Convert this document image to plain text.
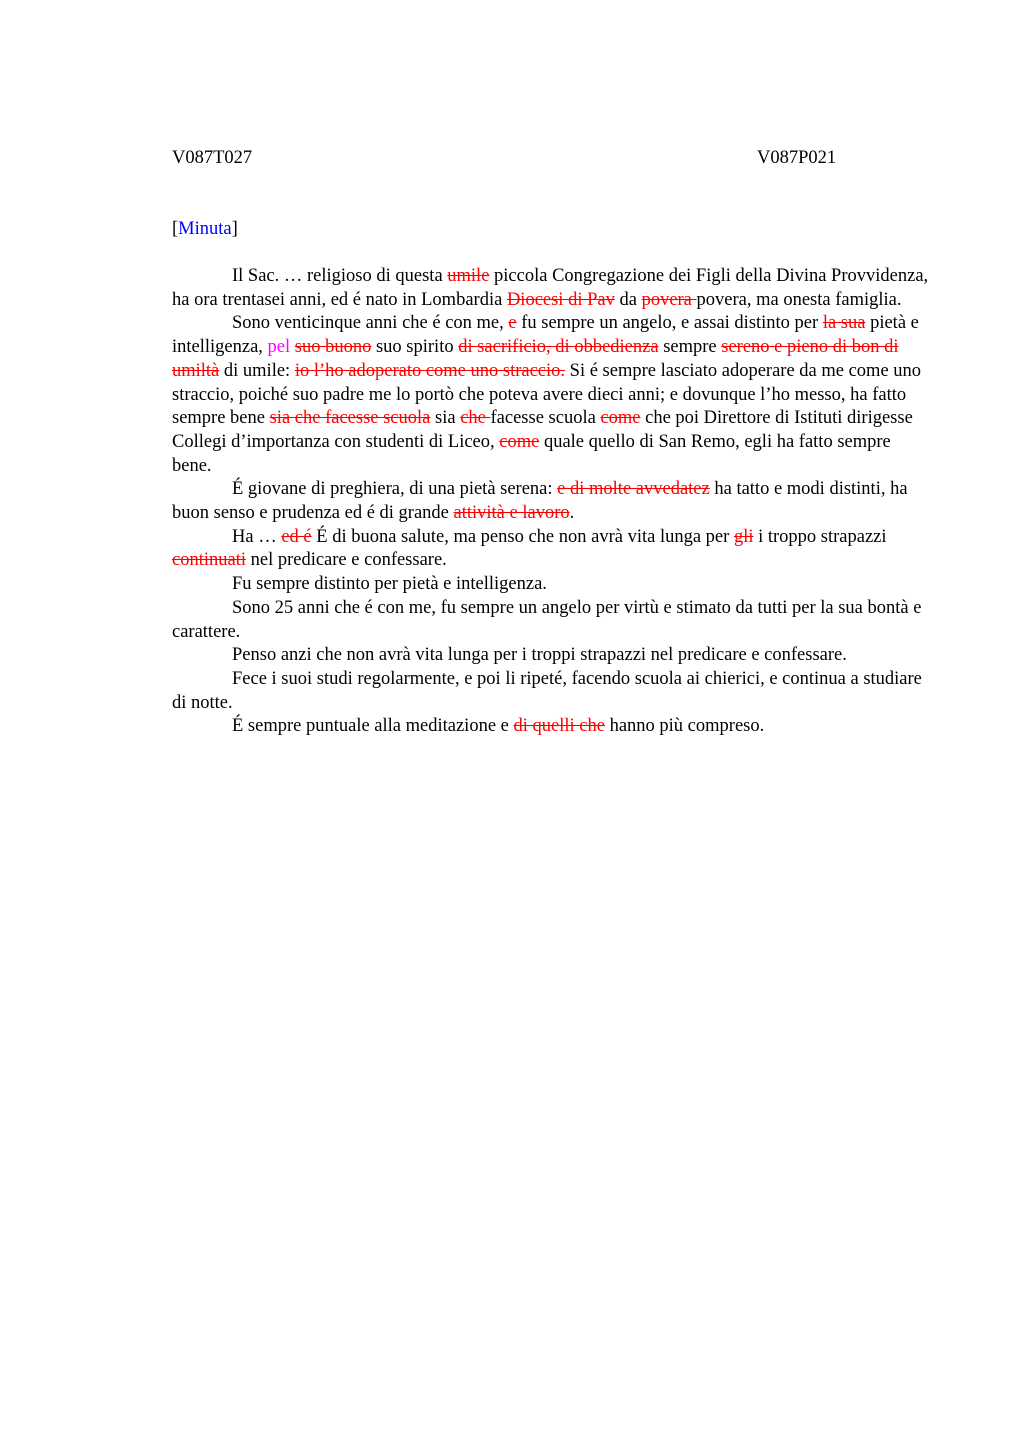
V087T027	V087P021
[Minuta]

Il Sac. … religioso di questa umile piccola Congregazione dei Figli della Divina Provvidenza, ha ora trentasei anni, ed é nato in Lombardia Diocesi di Pav da povera povera, ma onesta famiglia.

Sono venticinque anni che é con me, e fu sempre un angelo, e assai distinto per la sua pietà e intelligenza, pel suo buono suo spirito di sacrificio, di obbedienza sempre sereno e pieno di bon di umiltà di umile: io l’ho adoperato come uno straccio. Si é sempre lasciato adoperare da me come uno straccio, poiché suo padre me lo portò che poteva avere dieci anni; e dovunque l’ho messo, ha fatto sempre bene sia che facesse scuola sia che facesse scuola come che poi Direttore di Istituti dirigesse Collegi d’importanza con studenti di Liceo, come quale quello di San Remo, egli ha fatto sempre bene.

É giovane di preghiera, di una pietà serena: e di molte avvedatez ha tatto e modi distinti, ha buon senso e prudenza ed é di grande attività e lavoro.

Ha … ed é É di buona salute, ma penso che non avrà vita lunga per gli i troppo strapazzi continuati nel predicare e confessare.

Fu sempre distinto per pietà e intelligenza.

Sono 25 anni che é con me, fu sempre un angelo per virtù e stimato da tutti per la sua bontà e carattere.

Penso anzi che non avrà vita lunga per i troppi strapazzi nel predicare e confessare.

Fece i suoi studi regolarmente, e poi li ripeté, facendo scuola ai chierici, e continua a studiare di notte.

É sempre puntuale alla meditazione e di quelli che hanno più compreso.
